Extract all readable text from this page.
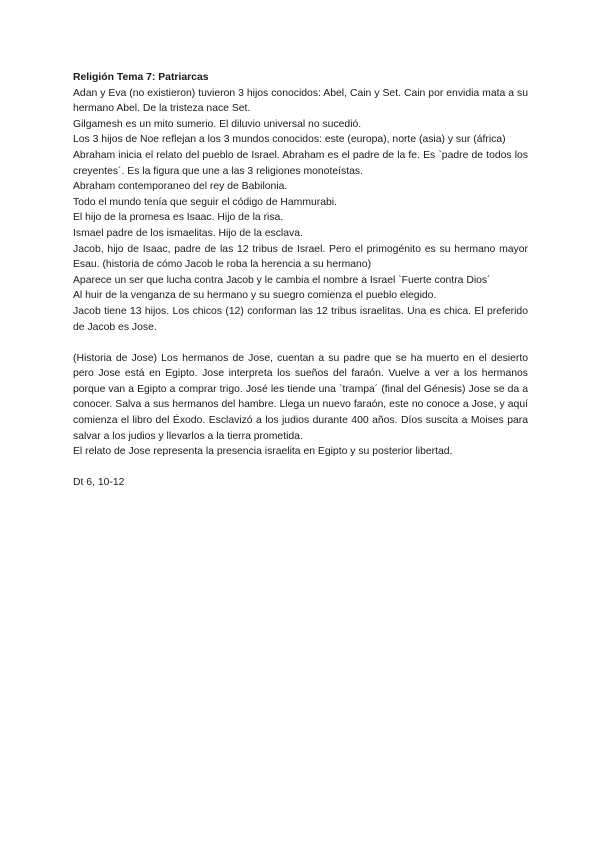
Religión Tema 7: Patriarcas

Adan y Eva (no existieron) tuvieron 3 hijos conocidos: Abel, Cain y Set. Cain por envidia mata a su hermano Abel. De la tristeza nace Set.

Gilgamesh es un mito sumerio. El diluvio universal no sucedió.

Los 3 hijos de Noe reflejan a los 3 mundos conocidos: este (europa), norte (asia) y sur (áfrica)

Abraham inicia el relato del pueblo de Israel. Abraham es el padre de la fe. Es `padre de todos los creyentes´. Es la figura que une a las 3 religiones monoteístas.

Abraham contemporaneo del rey de Babilonia.

Todo el mundo tenía que seguir el código de Hammurabi.

El hijo de la promesa es Isaac. Hijo de la risa.

Ismael padre de los ismaelitas. Hijo de la esclava.

Jacob, hijo de Isaac, padre de las 12 tribus de Israel. Pero el primogénito es su hermano mayor Esau. (historia de cómo Jacob le roba la herencia a su hermano)

Aparece un ser que lucha contra Jacob y le cambia el nombre a Israel `Fuerte contra Dios´

Al huir de la venganza de su hermano y su suegro comienza el pueblo elegido.

Jacob tiene 13 hijos. Los chicos (12) conforman las 12 tribus israelitas. Una es chica. El preferido de Jacob es Jose.

(Historia de Jose) Los hermanos de Jose, cuentan a su padre que se ha muerto en el desierto pero Jose está en Egipto. Jose interpreta los sueños del faraón. Vuelve a ver a los hermanos porque van a Egipto a comprar trigo. José les tiende una `trampa´ (final del Génesis) Jose se da a conocer. Salva a sus hermanos del hambre. Llega un nuevo faraón, este no conoce a Jose, y aquí comienza el libro del Éxodo. Esclavizó a los judios durante 400 años. Díos suscita a Moises para salvar a los judios y llevarlos a la tierra prometida.

El relato de Jose representa la presencia israelita en Egipto y su posterior libertad.

Dt 6, 10-12
